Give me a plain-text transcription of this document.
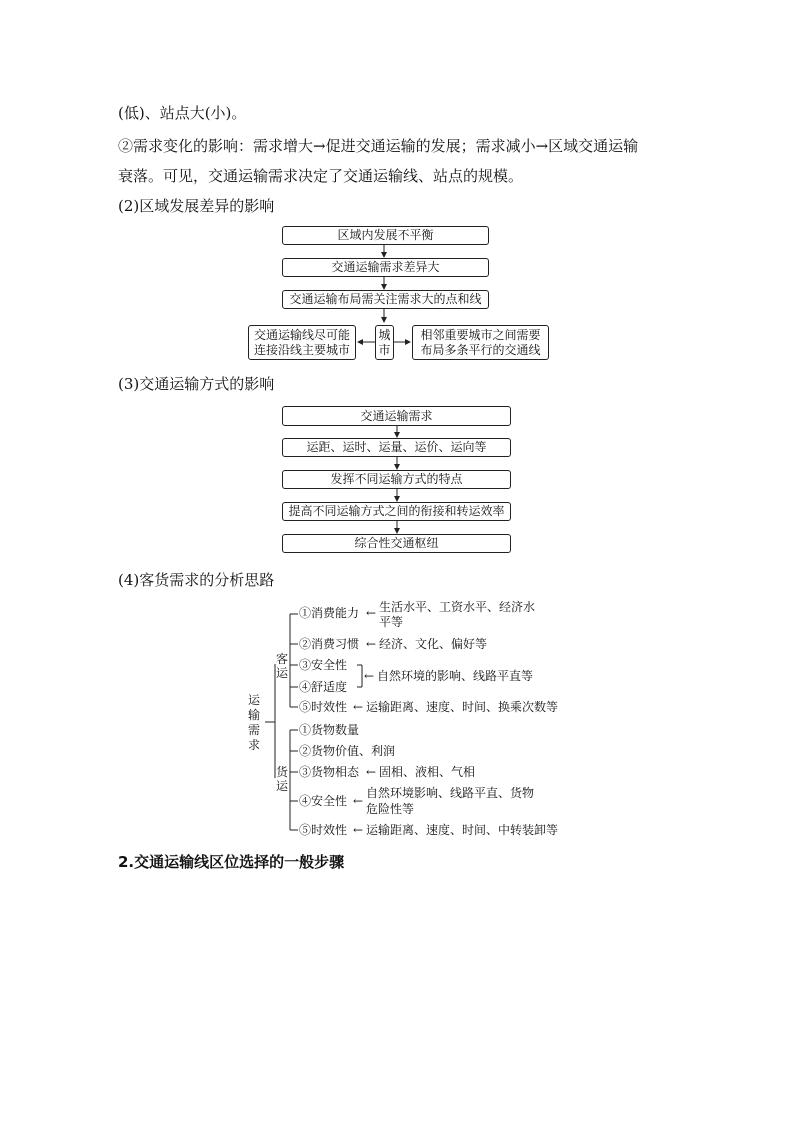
(低)、站点大(小)。
②需求变化的影响：需求增大→促进交通运输的发展；需求减小→区域交通运输
衰落。可见，交通运输需求决定了交通运输线、站点的规模。
(2)区域发展差异的影响
区域内发展不平衡
交通运输需求差异大
交通运输布局需关注需求大的点和线
交通运输线尽可能
连接沿线主要城市
城
市
相邻重要城市之间需要
布局多条平行的交通线
(3)交通运输方式的影响
交通运输需求
运距、运时、运量、运价、运向等
发挥不同运输方式的特点
提高不同运输方式之间的衔接和转运效率
综合性交通枢纽
(4)客货需求的分析思路
运
输
需
求
客
运
货
运
①消费能力 ← 生活水平、工资水平、经济水
平等
②消费习惯 ← 经济、文化、偏好等
③安全性
④舒适度
← 自然环境的影响、线路平直等
⑤时效性 ← 运输距离、速度、时间、换乘次数等
①货物数量
②货物价值、利润
③货物相态 ← 固相、液相、气相
④安全性 ←
自然环境影响、线路平直、货物
危险性等
⑤时效性 ← 运输距离、速度、时间、中转装卸等
2.交通运输线区位选择的一般步骤
